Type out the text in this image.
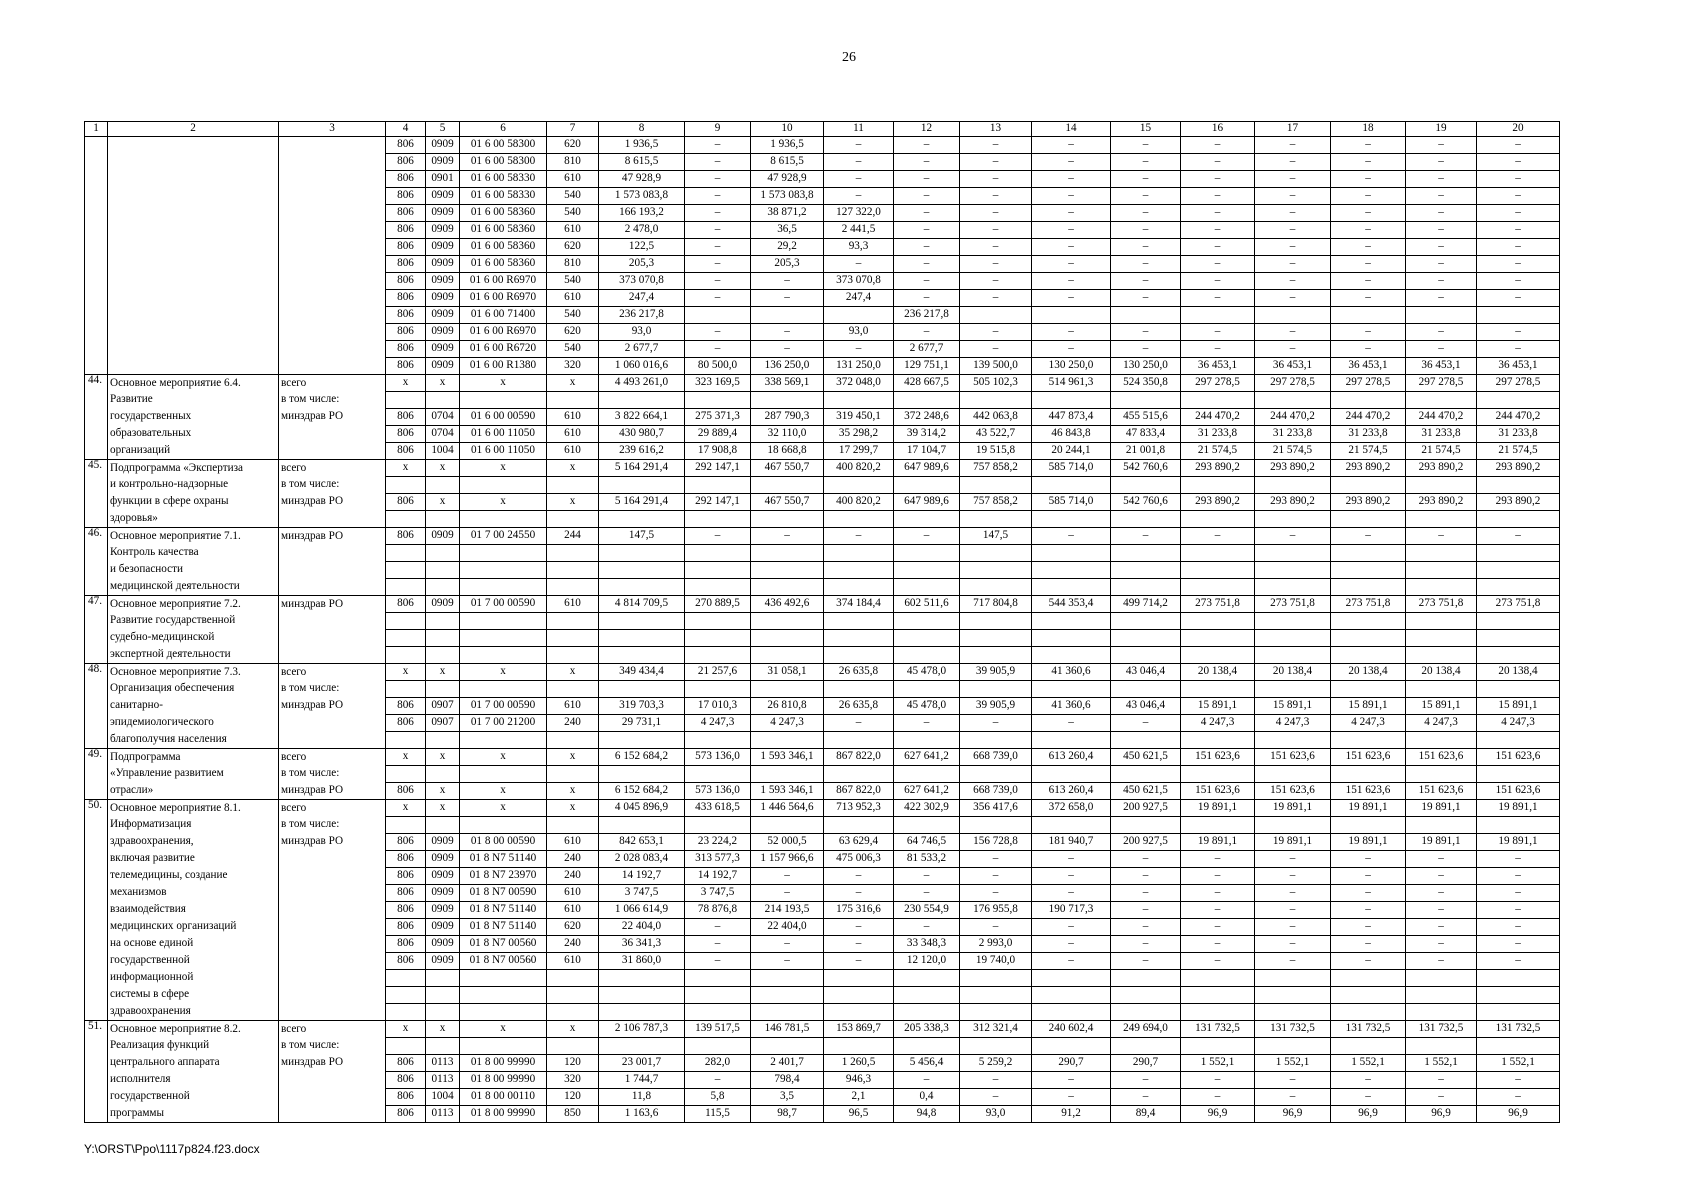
26
1	2	3	4	5	6	7	8	9	10	11	12	13	14	15	16	17	18	19	20
			806	0909	01 6 00 58300	620	1 936,5	–	1 936,5	–	–	–	–	–	–	–	–	–	–
			806	0909	01 6 00 58300	810	8 615,5	–	8 615,5	–	–	–	–	–	–	–	–	–	–
			806	0901	01 6 00 58330	610	47 928,9	–	47 928,9	–	–	–	–	–	–	–	–	–	–
			806	0909	01 6 00 58330	540	1 573 083,8	–	1 573 083,8	–	–	–	–	–	–	–	–	–	–
			806	0909	01 6 00 58360	540	166 193,2	–	38 871,2	127 322,0	–	–	–	–	–	–	–	–	–
			806	0909	01 6 00 58360	610	2 478,0	–	36,5	2 441,5	–	–	–	–	–	–	–	–	–
			806	0909	01 6 00 58360	620	122,5	–	29,2	93,3	–	–	–	–	–	–	–	–	–
			806	0909	01 6 00 58360	810	205,3	–	205,3	–	–	–	–	–	–	–	–	–	–
			806	0909	01 6 00 R6970	540	373 070,8	–	–	373 070,8	–	–	–	–	–	–	–	–	–
			806	0909	01 6 00 R6970	610	247,4	–	–	247,4	–	–	–	–	–	–	–	–	–
			806	0909	01 6 00 71400	540	236 217,8				236 217,8								
			806	0909	01 6 00 R6970	620	93,0	–	–	93,0	–	–	–	–	–	–	–	–	–
			806	0909	01 6 00 R6720	540	2 677,7	–	–	–	2 677,7	–	–	–	–	–	–	–	–
			806	0909	01 6 00 R1380	320	1 060 016,6	80 500,0	136 250,0	131 250,0	129 751,1	139 500,0	130 250,0	130 250,0	36 453,1	36 453,1	36 453,1	36 453,1	36 453,1
44.	Основное мероприятие 6.4.	всего	х	х	х	х	4 493 261,0	323 169,5	338 569,1	372 048,0	428 667,5	505 102,3	514 961,3	524 350,8	297 278,5	297 278,5	297 278,5	297 278,5	297 278,5
	Развитие	в том числе:																	
	государственных	минздрав РО	806	0704	01 6 00 00590	610	3 822 664,1	275 371,3	287 790,3	319 450,1	372 248,6	442 063,8	447 873,4	455 515,6	244 470,2	244 470,2	244 470,2	244 470,2	244 470,2
	образовательных		806	0704	01 6 00 11050	610	430 980,7	29 889,4	32 110,0	35 298,2	39 314,2	43 522,7	46 843,8	47 833,4	31 233,8	31 233,8	31 233,8	31 233,8	31 233,8
	организаций		806	1004	01 6 00 11050	610	239 616,2	17 908,8	18 668,8	17 299,7	17 104,7	19 515,8	20 244,1	21 001,8	21 574,5	21 574,5	21 574,5	21 574,5	21 574,5
45.	Подпрограмма «Экспертиза	всего	х	х	х	х	5 164 291,4	292 147,1	467 550,7	400 820,2	647 989,6	757 858,2	585 714,0	542 760,6	293 890,2	293 890,2	293 890,2	293 890,2	293 890,2
	и контрольно-надзорные	в том числе:																	
	функции в сфере охраны	минздрав РО	806	х	х	х	5 164 291,4	292 147,1	467 550,7	400 820,2	647 989,6	757 858,2	585 714,0	542 760,6	293 890,2	293 890,2	293 890,2	293 890,2	293 890,2
	здоровья»																		
46.	Основное мероприятие 7.1.	минздрав РО	806	0909	01 7 00 24550	244	147,5	–	–	–	–	147,5	–	–	–	–	–	–	–
	Контроль качества																		
	и безопасности																		
	медицинской деятельности																		
47.	Основное мероприятие 7.2.	минздрав РО	806	0909	01 7 00 00590	610	4 814 709,5	270 889,5	436 492,6	374 184,4	602 511,6	717 804,8	544 353,4	499 714,2	273 751,8	273 751,8	273 751,8	273 751,8	273 751,8
	Развитие государственной																		
	судебно-медицинской																		
	экспертной деятельности																		
48.	Основное мероприятие 7.3.	всего	х	х	х	х	349 434,4	21 257,6	31 058,1	26 635,8	45 478,0	39 905,9	41 360,6	43 046,4	20 138,4	20 138,4	20 138,4	20 138,4	20 138,4
	Организация обеспечения	в том числе:																	
	санитарно-	минздрав РО	806	0907	01 7 00 00590	610	319 703,3	17 010,3	26 810,8	26 635,8	45 478,0	39 905,9	41 360,6	43 046,4	15 891,1	15 891,1	15 891,1	15 891,1	15 891,1
	эпидемиологического		806	0907	01 7 00 21200	240	29 731,1	4 247,3	4 247,3	–	–	–	–	–	4 247,3	4 247,3	4 247,3	4 247,3	4 247,3
	благополучия населения																		
49.	Подпрограмма	всего	х	х	х	х	6 152 684,2	573 136,0	1 593 346,1	867 822,0	627 641,2	668 739,0	613 260,4	450 621,5	151 623,6	151 623,6	151 623,6	151 623,6	151 623,6
	«Управление развитием	в том числе:																	
	отрасли»	минздрав РО	806	х	х	х	6 152 684,2	573 136,0	1 593 346,1	867 822,0	627 641,2	668 739,0	613 260,4	450 621,5	151 623,6	151 623,6	151 623,6	151 623,6	151 623,6
50.	Основное мероприятие 8.1.	всего	х	х	х	х	4 045 896,9	433 618,5	1 446 564,6	713 952,3	422 302,9	356 417,6	372 658,0	200 927,5	19 891,1	19 891,1	19 891,1	19 891,1	19 891,1
	Информатизация	в том числе:																	
	здравоохранения,	минздрав РО	806	0909	01 8 00 00590	610	842 653,1	23 224,2	52 000,5	63 629,4	64 746,5	156 728,8	181 940,7	200 927,5	19 891,1	19 891,1	19 891,1	19 891,1	19 891,1
	включая развитие		806	0909	01 8 N7 51140	240	2 028 083,4	313 577,3	1 157 966,6	475 006,3	81 533,2	–	–	–	–	–	–	–	–
	телемедицины, создание		806	0909	01 8 N7 23970	240	14 192,7	14 192,7	–	–	–	–	–	–	–	–	–	–	–
	механизмов		806	0909	01 8 N7 00590	610	3 747,5	3 747,5	–	–	–	–	–	–	–	–	–	–	–
	взаимодействия		806	0909	01 8 N7 51140	610	1 066 614,9	78 876,8	214 193,5	175 316,6	230 554,9	176 955,8	190 717,3	–	–	–	–	–	–
	медицинских организаций		806	0909	01 8 N7 51140	620	22 404,0	–	22 404,0	–	–	–	–	–	–	–	–	–	–
	на основе единой		806	0909	01 8 N7 00560	240	36 341,3	–	–	–	33 348,3	2 993,0	–	–	–	–	–	–	–
	государственной		806	0909	01 8 N7 00560	610	31 860,0	–	–	–	12 120,0	19 740,0	–	–	–	–	–	–	–
	информационной																		
	системы в сфере																		
	здравоохранения																		
51.	Основное мероприятие 8.2.	всего	х	х	х	х	2 106 787,3	139 517,5	146 781,5	153 869,7	205 338,3	312 321,4	240 602,4	249 694,0	131 732,5	131 732,5	131 732,5	131 732,5	131 732,5
	Реализация функций	в том числе:																	
	центрального аппарата	минздрав РО	806	0113	01 8 00 99990	120	23 001,7	282,0	2 401,7	1 260,5	5 456,4	5 259,2	290,7	290,7	1 552,1	1 552,1	1 552,1	1 552,1	1 552,1
	исполнителя		806	0113	01 8 00 99990	320	1 744,7	–	798,4	946,3	–	–	–	–	–	–	–	–	–
	государственной		806	1004	01 8 00 00110	120	11,8	5,8	3,5	2,1	0,4	–	–	–	–	–	–	–	–
	программы		806	0113	01 8 00 99990	850	1 163,6	115,5	98,7	96,5	94,8	93,0	91,2	89,4	96,9	96,9	96,9	96,9	96,9
Y:\ORST\Ppo\1117p824.f23.docx
